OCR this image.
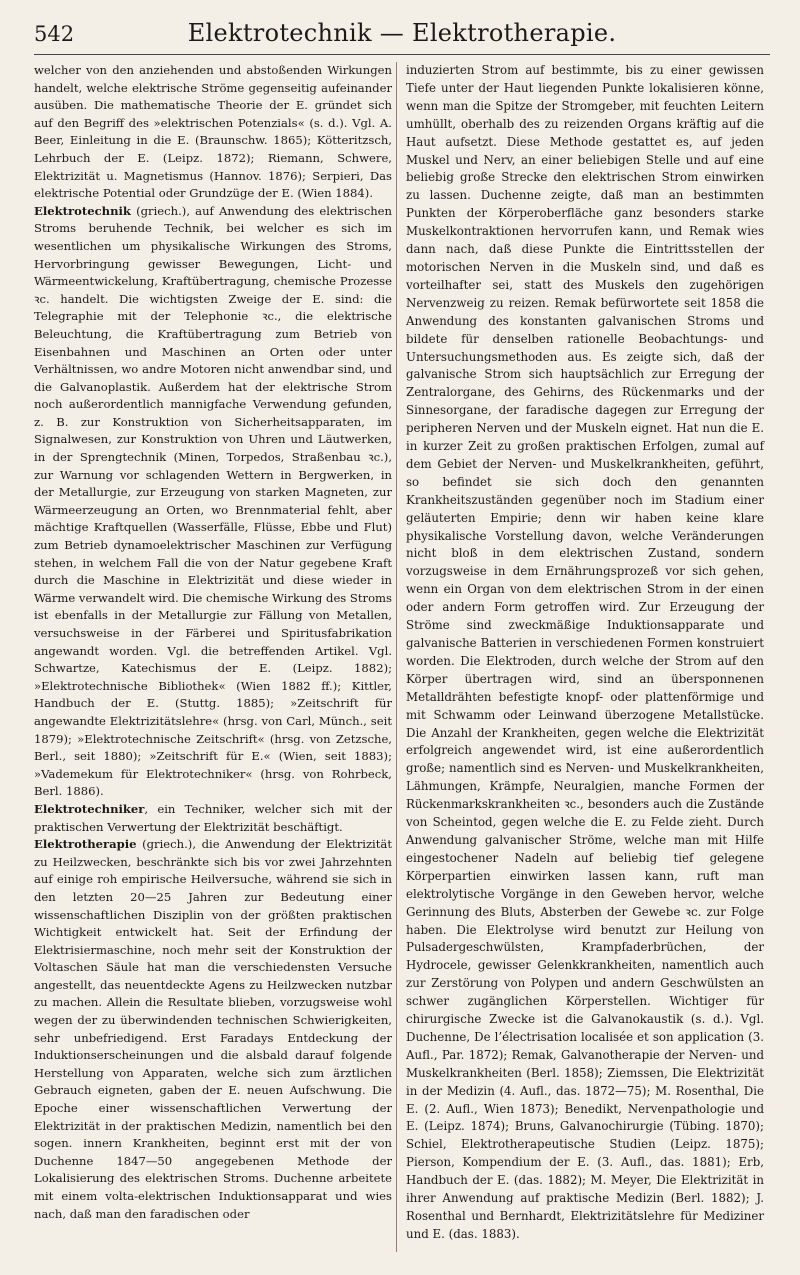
542	Elektrotechnik — Elektrotherapie.

welcher von den anziehenden und abstoßenden Wirkungen handelt, welche elektrische Ströme gegenseitig aufeinander ausüben. Die mathematische Theorie der E. gründet sich auf den Begriff des »elektrischen Potenzials« (s. d.). Vgl. A. Beer, Einleitung in die E. (Braunschw. 1865); Kötteritzsch, Lehrbuch der E. (Leipz. 1872); Riemann, Schwere, Elektrizität u. Magnetismus (Hannov. 1876); Serpieri, Das elektrische Potential oder Grundzüge der E. (Wien 1884).

Elektrotechnik (griech.), auf Anwendung des elektrischen Stroms beruhende Technik, bei welcher es sich im wesentlichen um physikalische Wirkungen des Stroms, Hervorbringung gewisser Bewegungen, Licht- und Wärmeentwickelung, Kraftübertragung, chemische Prozesse ꝛc. handelt. Die wichtigsten Zweige der E. sind: die Telegraphie mit der Telephonie ꝛc., die elektrische Beleuchtung, die Kraftübertragung zum Betrieb von Eisenbahnen und Maschinen an Orten oder unter Verhältnissen, wo andre Motoren nicht anwendbar sind, und die Galvanoplastik. Außerdem hat der elektrische Strom noch außerordentlich mannigfache Verwendung gefunden, z. B. zur Konstruktion von Sicherheitsapparaten, im Signalwesen, zur Konstruktion von Uhren und Läutwerken, in der Sprengtechnik (Minen, Torpedos, Straßenbau ꝛc.), zur Warnung vor schlagenden Wettern in Bergwerken, in der Metallurgie, zur Erzeugung von starken Magneten, zur Wärmeerzeugung an Orten, wo Brennmaterial fehlt, aber mächtige Kraftquellen (Wasserfälle, Flüsse, Ebbe und Flut) zum Betrieb dynamoelektrischer Maschinen zur Verfügung stehen, in welchem Fall die von der Natur gegebene Kraft durch die Maschine in Elektrizität und diese wieder in Wärme verwandelt wird. Die chemische Wirkung des Stroms ist ebenfalls in der Metallurgie zur Fällung von Metallen, versuchsweise in der Färberei und Spiritusfabrikation angewandt worden. Vgl. die betreffenden Artikel. Vgl. Schwartze, Katechismus der E. (Leipz. 1882); »Elektrotechnische Bibliothek« (Wien 1882 ff.); Kittler, Handbuch der E. (Stuttg. 1885); »Zeitschrift für angewandte Elektrizitätslehre« (hrsg. von Carl, Münch., seit 1879); »Elektrotechnische Zeitschrift« (hrsg. von Zetzsche, Berl., seit 1880); »Zeitschrift für E.« (Wien, seit 1883); »Vademekum für Elektrotechniker« (hrsg. von Rohrbeck, Berl. 1886).

Elektrotechniker, ein Techniker, welcher sich mit der praktischen Verwertung der Elektrizität beschäftigt.

Elektrotherapie (griech.), die Anwendung der Elektrizität zu Heilzwecken, beschränkte sich bis vor zwei Jahrzehnten auf einige roh empirische Heilversuche, während sie sich in den letzten 20—25 Jahren zur Bedeutung einer wissenschaftlichen Disziplin von der größten praktischen Wichtigkeit entwickelt hat. Seit der Erfindung der Elektrisiermaschine, noch mehr seit der Konstruktion der Voltaschen Säule hat man die verschiedensten Versuche angestellt, das neuentdeckte Agens zu Heilzwecken nutzbar zu machen. Allein die Resultate blieben, vorzugsweise wohl wegen der zu überwindenden technischen Schwierigkeiten, sehr unbefriedigend. Erst Faradays Entdeckung der Induktionserscheinungen und die alsbald darauf folgende Herstellung von Apparaten, welche sich zum ärztlichen Gebrauch eigneten, gaben der E. neuen Aufschwung. Die Epoche einer wissenschaftlichen Verwertung der Elektrizität in der praktischen Medizin, namentlich bei den sogen. innern Krankheiten, beginnt erst mit der von Duchenne 1847—50 angegebenen Methode der Lokalisierung des elektrischen Stroms. Duchenne arbeitete mit einem volta-elektrischen Induktionsapparat und wies nach, daß man den faradischen oder

induzierten Strom auf bestimmte, bis zu einer gewissen Tiefe unter der Haut liegenden Punkte lokalisieren könne, wenn man die Spitze der Stromgeber, mit feuchten Leitern umhüllt, oberhalb des zu reizenden Organs kräftig auf die Haut aufsetzt. Diese Methode gestattet es, auf jeden Muskel und Nerv, an einer beliebigen Stelle und auf eine beliebig große Strecke den elektrischen Strom einwirken zu lassen. Duchenne zeigte, daß man an bestimmten Punkten der Körperoberfläche ganz besonders starke Muskelkontraktionen hervorrufen kann, und Remak wies dann nach, daß diese Punkte die Eintrittsstellen der motorischen Nerven in die Muskeln sind, und daß es vorteilhafter sei, statt des Muskels den zugehörigen Nervenzweig zu reizen. Remak befürwortete seit 1858 die Anwendung des konstanten galvanischen Stroms und bildete für denselben rationelle Beobachtungs- und Untersuchungsmethoden aus. Es zeigte sich, daß der galvanische Strom sich hauptsächlich zur Erregung der Zentralorgane, des Gehirns, des Rückenmarks und der Sinnesorgane, der faradische dagegen zur Erregung der peripheren Nerven und der Muskeln eignet. Hat nun die E. in kurzer Zeit zu großen praktischen Erfolgen, zumal auf dem Gebiet der Nerven- und Muskelkrankheiten, geführt, so befindet sie sich doch den genannten Krankheitszuständen gegenüber noch im Stadium einer geläuterten Empirie; denn wir haben keine klare physikalische Vorstellung davon, welche Veränderungen nicht bloß in dem elektrischen Zustand, sondern vorzugsweise in dem Ernährungsprozeß vor sich gehen, wenn ein Organ von dem elektrischen Strom in der einen oder andern Form getroffen wird. Zur Erzeugung der Ströme sind zweckmäßige Induktionsapparate und galvanische Batterien in verschiedenen Formen konstruiert worden. Die Elektroden, durch welche der Strom auf den Körper übertragen wird, sind an übersponnenen Metalldrähten befestigte knopf- oder plattenförmige und mit Schwamm oder Leinwand überzogene Metallstücke. Die Anzahl der Krankheiten, gegen welche die Elektrizität erfolgreich angewendet wird, ist eine außerordentlich große; namentlich sind es Nerven- und Muskelkrankheiten, Lähmungen, Krämpfe, Neuralgien, manche Formen der Rückenmarkskrankheiten ꝛc., besonders auch die Zustände von Scheintod, gegen welche die E. zu Felde zieht. Durch Anwendung galvanischer Ströme, welche man mit Hilfe eingestochener Nadeln auf beliebig tief gelegene Körperpartien einwirken lassen kann, ruft man elektrolytische Vorgänge in den Geweben hervor, welche Gerinnung des Bluts, Absterben der Gewebe ꝛc. zur Folge haben. Die Elektrolyse wird benutzt zur Heilung von Pulsadergeschwülsten, Krampfaderbrüchen, der Hydrocele, gewisser Gelenkkrankheiten, namentlich auch zur Zerstörung von Polypen und andern Geschwülsten an schwer zugänglichen Körperstellen. Wichtiger für chirurgische Zwecke ist die Galvanokaustik (s. d.). Vgl. Duchenne, De l’électrisation localisée et son application (3. Aufl., Par. 1872); Remak, Galvanotherapie der Nerven- und Muskelkrankheiten (Berl. 1858); Ziemssen, Die Elektrizität in der Medizin (4. Aufl., das. 1872—75); M. Rosenthal, Die E. (2. Aufl., Wien 1873); Benedikt, Nervenpathologie und E. (Leipz. 1874); Bruns, Galvanochirurgie (Tübing. 1870); Schiel, Elektrotherapeutische Studien (Leipz. 1875); Pierson, Kompendium der E. (3. Aufl., das. 1881); Erb, Handbuch der E. (das. 1882); M. Meyer, Die Elektrizität in ihrer Anwendung auf praktische Medizin (Berl. 1882); J. Rosenthal und Bernhardt, Elektrizitätslehre für Mediziner und E. (das. 1883).
